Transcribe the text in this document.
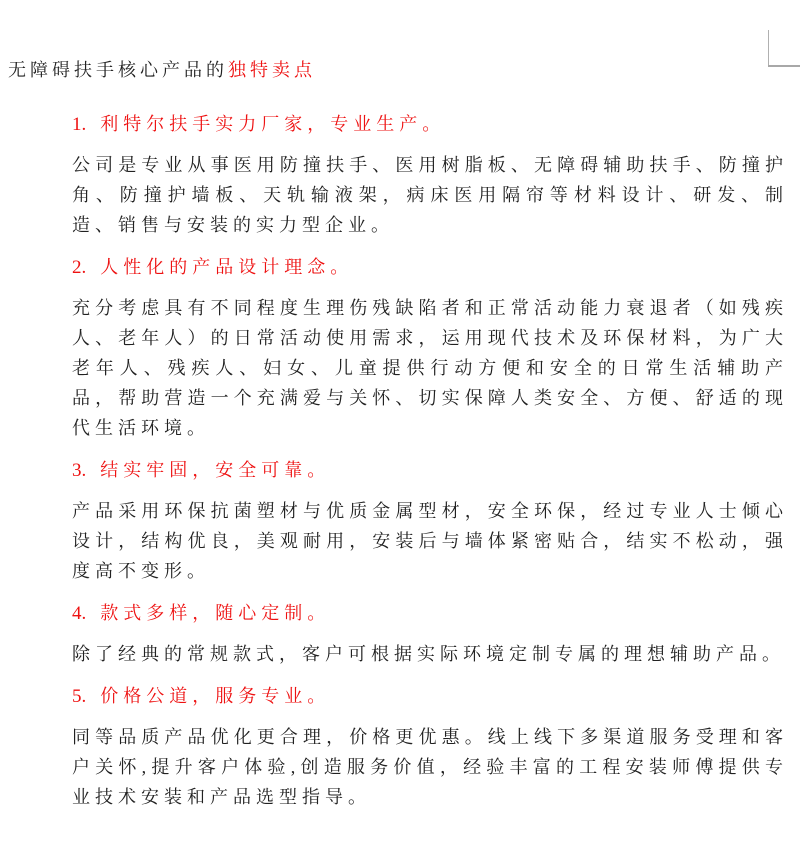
无障碍扶手核心产品的独特卖点
1. 利特尔扶手实力厂家，专业生产。

公司是专业从事医用防撞扶手、医用树脂板、无障碍辅助扶手、防撞护角、防撞护墙板、天轨输液架，病床医用隔帘等材料设计、研发、制造、销售与安装的实力型企业。

2. 人性化的产品设计理念。

充分考虑具有不同程度生理伤残缺陷者和正常活动能力衰退者（如残疾人、老年人）的日常活动使用需求，运用现代技术及环保材料，为广大老年人、残疾人、妇女、儿童提供行动方便和安全的日常生活辅助产品，帮助营造一个充满爱与关怀、切实保障人类安全、方便、舒适的现代生活环境。

3. 结实牢固，安全可靠。

产品采用环保抗菌塑材与优质金属型材，安全环保，经过专业人士倾心设计，结构优良，美观耐用，安装后与墙体紧密贴合，结实不松动，强度高不变形。

4. 款式多样，随心定制。

除了经典的常规款式，客户可根据实际环境定制专属的理想辅助产品。

5. 价格公道，服务专业。

同等品质产品优化更合理，价格更优惠。线上线下多渠道服务受理和客户关怀,提升客户体验,创造服务价值，经验丰富的工程安装师傅提供专业技术安装和产品选型指导。
